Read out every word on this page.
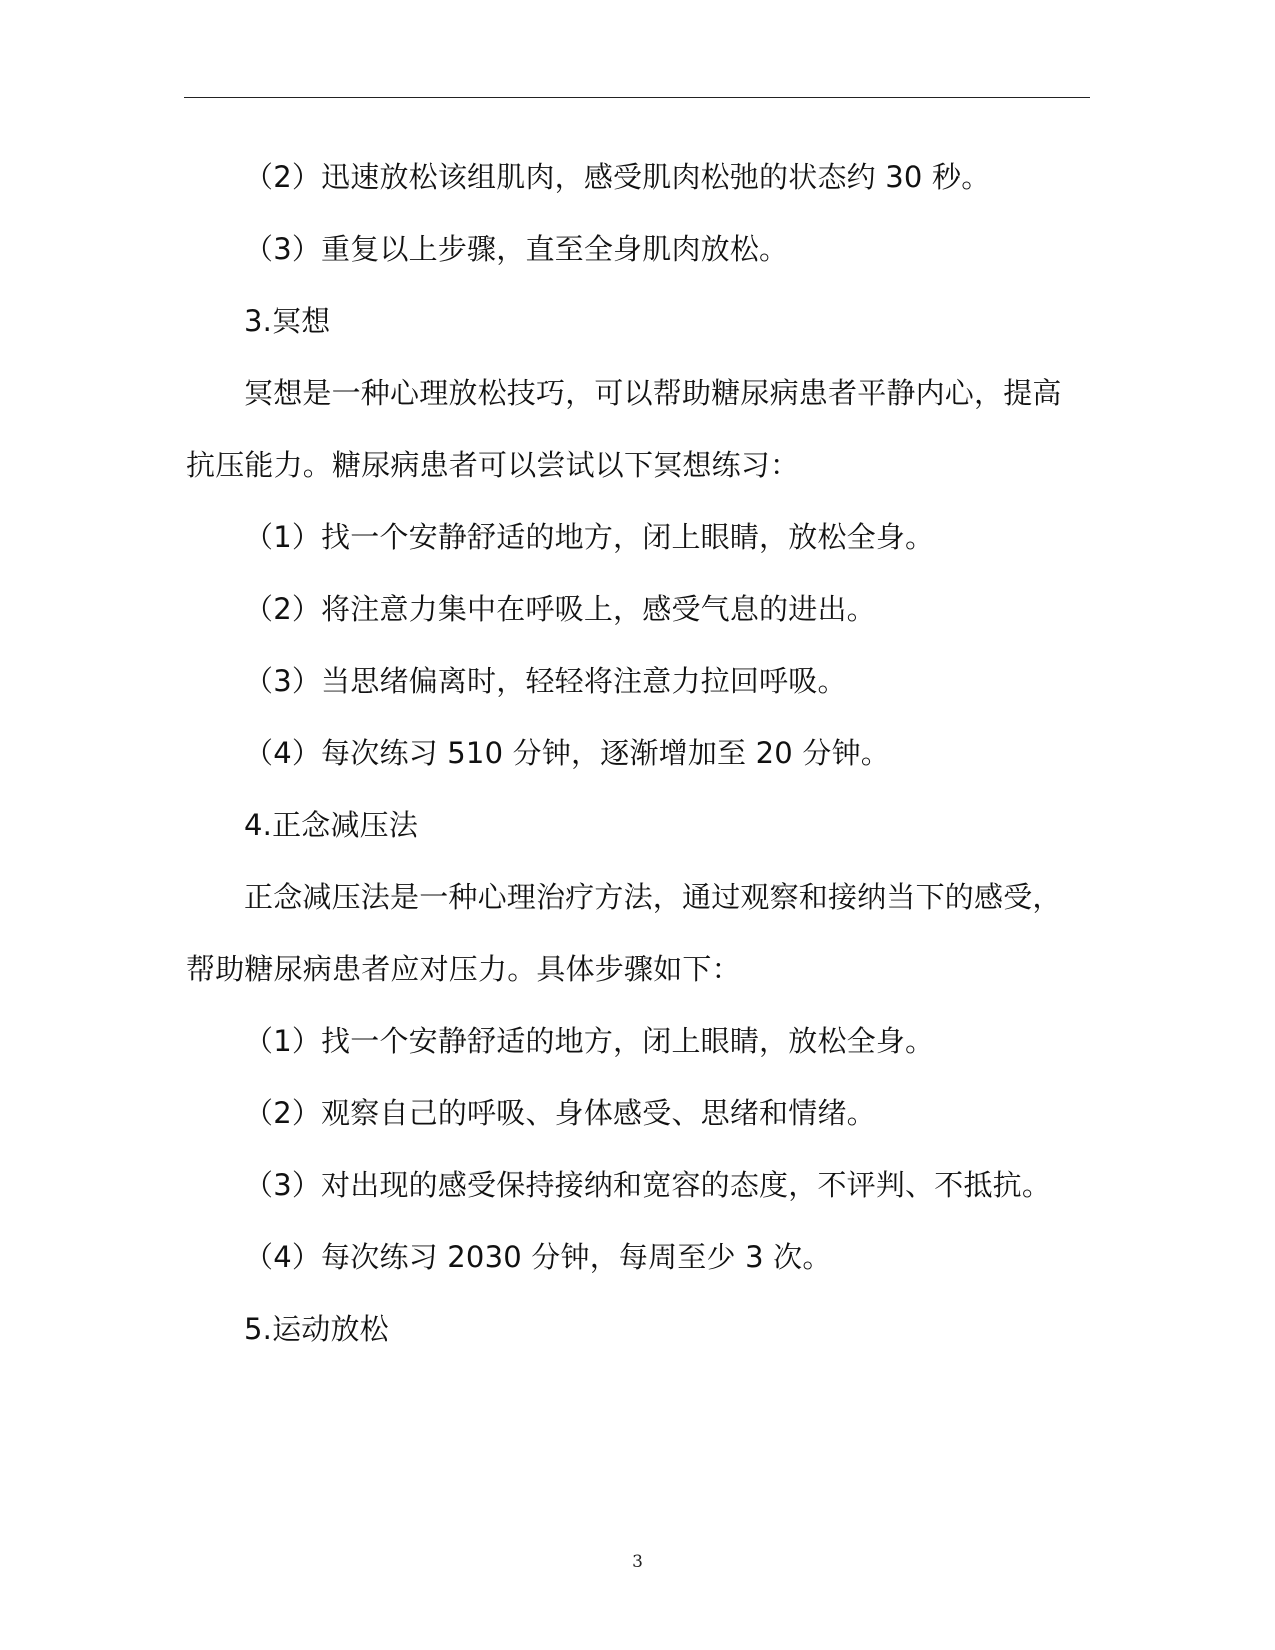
（2）迅速放松该组肌肉，感受肌肉松弛的状态约 30 秒。
（3）重复以上步骤，直至全身肌肉放松。
3.冥想
冥想是一种心理放松技巧，可以帮助糖尿病患者平静内心，提高
抗压能力。糖尿病患者可以尝试以下冥想练习：
（1）找一个安静舒适的地方，闭上眼睛，放松全身。
（2）将注意力集中在呼吸上，感受气息的进出。
（3）当思绪偏离时，轻轻将注意力拉回呼吸。
（4）每次练习 510 分钟，逐渐增加至 20 分钟。
4.正念减压法
正念减压法是一种心理治疗方法，通过观察和接纳当下的感受，
帮助糖尿病患者应对压力。具体步骤如下：
（1）找一个安静舒适的地方，闭上眼睛，放松全身。
（2）观察自己的呼吸、身体感受、思绪和情绪。
（3）对出现的感受保持接纳和宽容的态度，不评判、不抵抗。
（4）每次练习 2030 分钟，每周至少 3 次。
5.运动放松
3
